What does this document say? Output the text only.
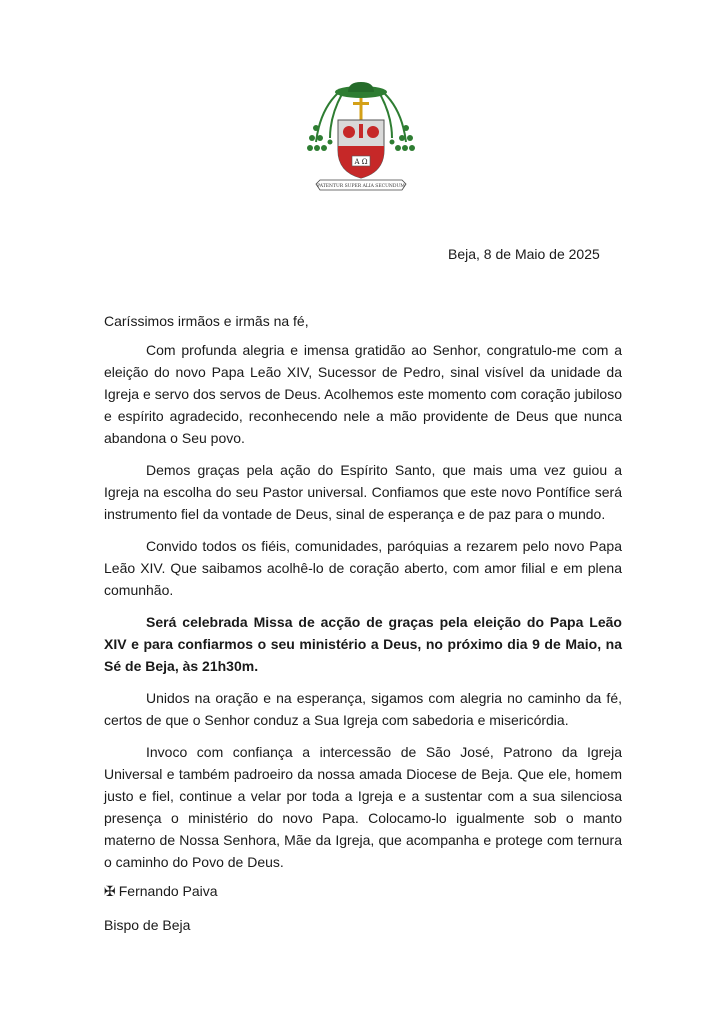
A Ω
PATENTUR SUPER ALIA SECUNDUM
Beja, 8 de Maio de 2025

Caríssimos irmãos e irmãs na fé,

Com profunda alegria e imensa gratidão ao Senhor, congratulo-me com a eleição do novo Papa Leão XIV, Sucessor de Pedro, sinal visível da unidade da Igreja e servo dos servos de Deus. Acolhemos este momento com coração jubiloso e espírito agradecido, reconhecendo nele a mão providente de Deus que nunca abandona o Seu povo.

Demos graças pela ação do Espírito Santo, que mais uma vez guiou a Igreja na escolha do seu Pastor universal. Confiamos que este novo Pontífice será instrumento fiel da vontade de Deus, sinal de esperança e de paz para o mundo.

Convido todos os fiéis, comunidades, paróquias a rezarem pelo novo Papa Leão XIV. Que saibamos acolhê-lo de coração aberto, com amor filial e em plena comunhão.

Será celebrada Missa de acção de graças pela eleição do Papa Leão XIV e para confiarmos o seu ministério a Deus, no próximo dia 9 de Maio, na Sé de Beja, às 21h30m.

Unidos na oração e na esperança, sigamos com alegria no caminho da fé, certos de que o Senhor conduz a Sua Igreja com sabedoria e misericórdia.

Invoco com confiança a intercessão de São José, Patrono da Igreja Universal e também padroeiro da nossa amada Diocese de Beja. Que ele, homem justo e fiel, continue a velar por toda a Igreja e a sustentar com a sua silenciosa presença o ministério do novo Papa. Colocamo-lo igualmente sob o manto materno de Nossa Senhora, Mãe da Igreja, que acompanha e protege com ternura o caminho do Povo de Deus.

✠ Fernando Paiva

Bispo de Beja
